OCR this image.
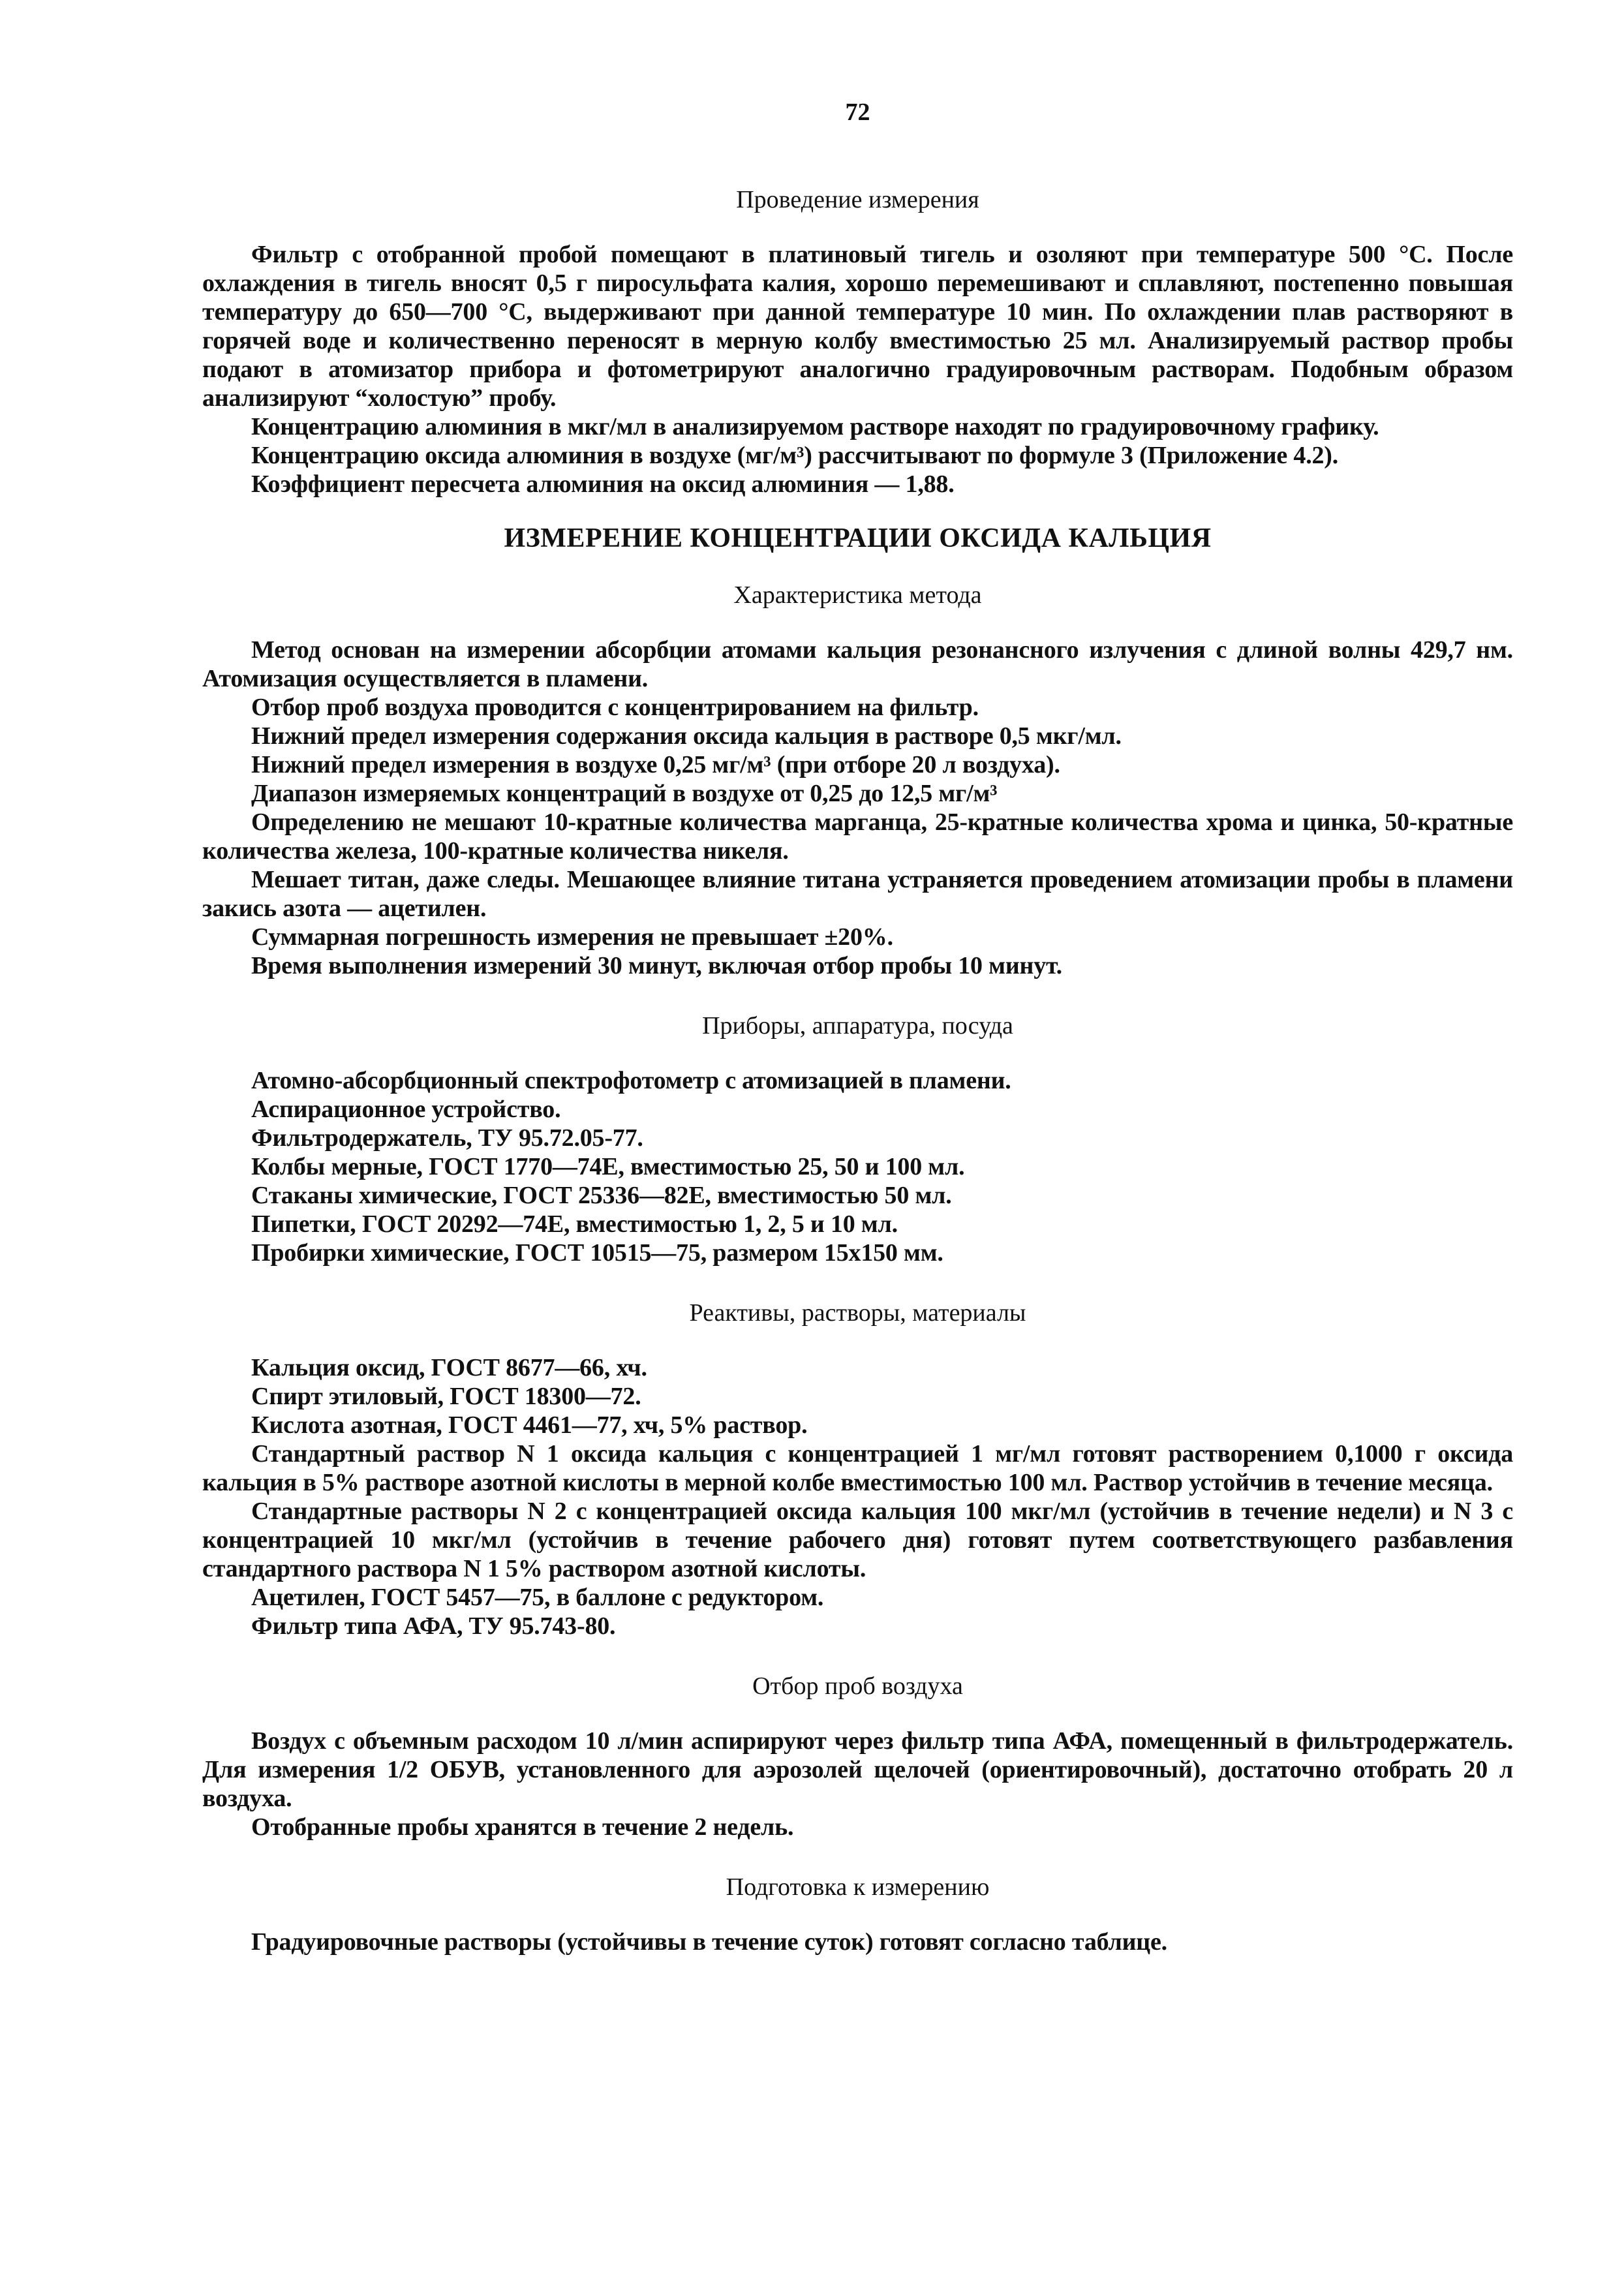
72
Проведение измерения

Фильтр с отобранной пробой помещают в платиновый тигель и озоляют при температуре 500 °С. После охлаждения в тигель вносят 0,5 г пиросульфата калия, хорошо перемешивают и сплавляют, постепенно повышая температуру до 650—700 °С, выдерживают при данной температуре 10 мин. По охлаждении плав растворяют в горячей воде и количественно переносят в мерную колбу вместимостью 25 мл. Анализируемый раствор пробы подают в атомизатор прибора и фотометрируют аналогично градуировочным растворам. Подобным образом анализируют “холостую” пробу.

Концентрацию алюминия в мкг/мл в анализируемом растворе находят по градуировочному графику.

Концентрацию оксида алюминия в воздухе (мг/м³) рассчитывают по формуле 3 (Приложение 4.2).

Коэффициент пересчета алюминия на оксид алюминия — 1,88.

ИЗМЕРЕНИЕ КОНЦЕНТРАЦИИ ОКСИДА КАЛЬЦИЯ
Характеристика метода

Метод основан на измерении абсорбции атомами кальция резонансного излучения с длиной волны 429,7 нм. Атомизация осуществляется в пламени.

Отбор проб воздуха проводится с концентрированием на фильтр.

Нижний предел измерения содержания оксида кальция в растворе 0,5 мкг/мл.

Нижний предел измерения в воздухе 0,25 мг/м³ (при отборе 20 л воздуха).

Диапазон измеряемых концентраций в воздухе от 0,25 до 12,5 мг/м³

Определению не мешают 10-кратные количества марганца, 25-кратные количества хрома и цинка, 50-кратные количества железа, 100-кратные количества никеля.

Мешает титан, даже следы. Мешающее влияние титана устраняется проведением атомизации пробы в пламени закись азота — ацетилен.

Суммарная погрешность измерения не превышает ±20%.

Время выполнения измерений 30 минут, включая отбор пробы 10 минут.

Приборы, аппаратура, посуда

Атомно-абсорбционный спектрофотометр с атомизацией в пламени.

Аспирационное устройство.

Фильтродержатель, ТУ 95.72.05-77.

Колбы мерные, ГОСТ 1770—74Е, вместимостью 25, 50 и 100 мл.

Стаканы химические, ГОСТ 25336—82Е, вместимостью 50 мл.

Пипетки, ГОСТ 20292—74Е, вместимостью 1, 2, 5 и 10 мл.

Пробирки химические, ГОСТ 10515—75, размером 15x150 мм.

Реактивы, растворы, материалы

Кальция оксид, ГОСТ 8677—66, хч.

Спирт этиловый, ГОСТ 18300—72.

Кислота азотная, ГОСТ 4461—77, хч, 5% раствор.

Стандартный раствор N 1 оксида кальция с концентрацией 1 мг/мл готовят растворением 0,1000 г оксида кальция в 5% растворе азотной кислоты в мерной колбе вместимостью 100 мл. Раствор устойчив в течение месяца.

Стандартные растворы N 2 с концентрацией оксида кальция 100 мкг/мл (устойчив в течение недели) и N 3 с концентрацией 10 мкг/мл (устойчив в течение рабочего дня) готовят путем соответствующего разбавления стандартного раствора N 1 5% раствором азотной кислоты.

Ацетилен, ГОСТ 5457—75, в баллоне с редуктором.

Фильтр типа АФА, ТУ 95.743-80.

Отбор проб воздуха

Воздух с объемным расходом 10 л/мин аспирируют через фильтр типа АФА, помещенный в фильтродержатель. Для измерения 1/2 ОБУВ, установленного для аэрозолей щелочей (ориентировочный), достаточно отобрать 20 л воздуха.

Отобранные пробы хранятся в течение 2 недель.

Подготовка к измерению

Градуировочные растворы (устойчивы в течение суток) готовят согласно таблице.
